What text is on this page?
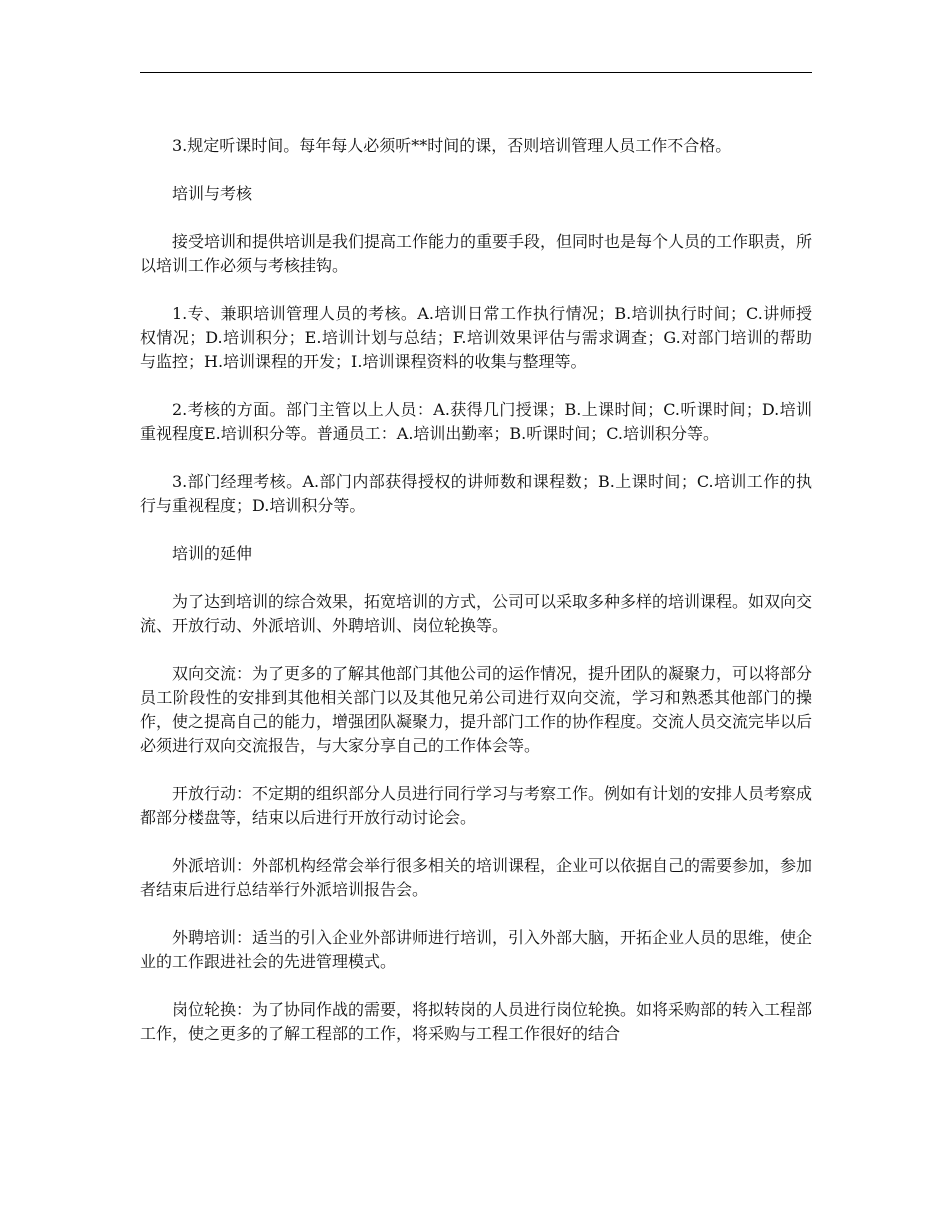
3.规定听课时间。每年每人必须听**时间的课，否则培训管理人员工作不合格。

培训与考核

接受培训和提供培训是我们提高工作能力的重要手段，但同时也是每个人员的工作职责，所以培训工作必须与考核挂钩。

1.专、兼职培训管理人员的考核。A.培训日常工作执行情况；B.培训执行时间；C.讲师授权情况；D.培训积分；E.培训计划与总结；F.培训效果评估与需求调查；G.对部门培训的帮助与监控；H.培训课程的开发；I.培训课程资料的收集与整理等。

2.考核的方面。部门主管以上人员：A.获得几门授课；B.上课时间；C.听课时间；D.培训重视程度E.培训积分等。普通员工：A.培训出勤率；B.听课时间；C.培训积分等。

3.部门经理考核。A.部门内部获得授权的讲师数和课程数；B.上课时间；C.培训工作的执行与重视程度；D.培训积分等。

培训的延伸

为了达到培训的综合效果，拓宽培训的方式，公司可以采取多种多样的培训课程。如双向交流、开放行动、外派培训、外聘培训、岗位轮换等。

双向交流：为了更多的了解其他部门其他公司的运作情况，提升团队的凝聚力，可以将部分员工阶段性的安排到其他相关部门以及其他兄弟公司进行双向交流，学习和熟悉其他部门的操作，使之提高自己的能力，增强团队凝聚力，提升部门工作的协作程度。交流人员交流完毕以后必须进行双向交流报告，与大家分享自己的工作体会等。

开放行动：不定期的组织部分人员进行同行学习与考察工作。例如有计划的安排人员考察成都部分楼盘等，结束以后进行开放行动讨论会。

外派培训：外部机构经常会举行很多相关的培训课程，企业可以依据自己的需要参加，参加者结束后进行总结举行外派培训报告会。

外聘培训：适当的引入企业外部讲师进行培训，引入外部大脑，开拓企业人员的思维，使企业的工作跟进社会的先进管理模式。

岗位轮换：为了协同作战的需要，将拟转岗的人员进行岗位轮换。如将采购部的转入工程部工作，使之更多的了解工程部的工作，将采购与工程工作很好的结合
